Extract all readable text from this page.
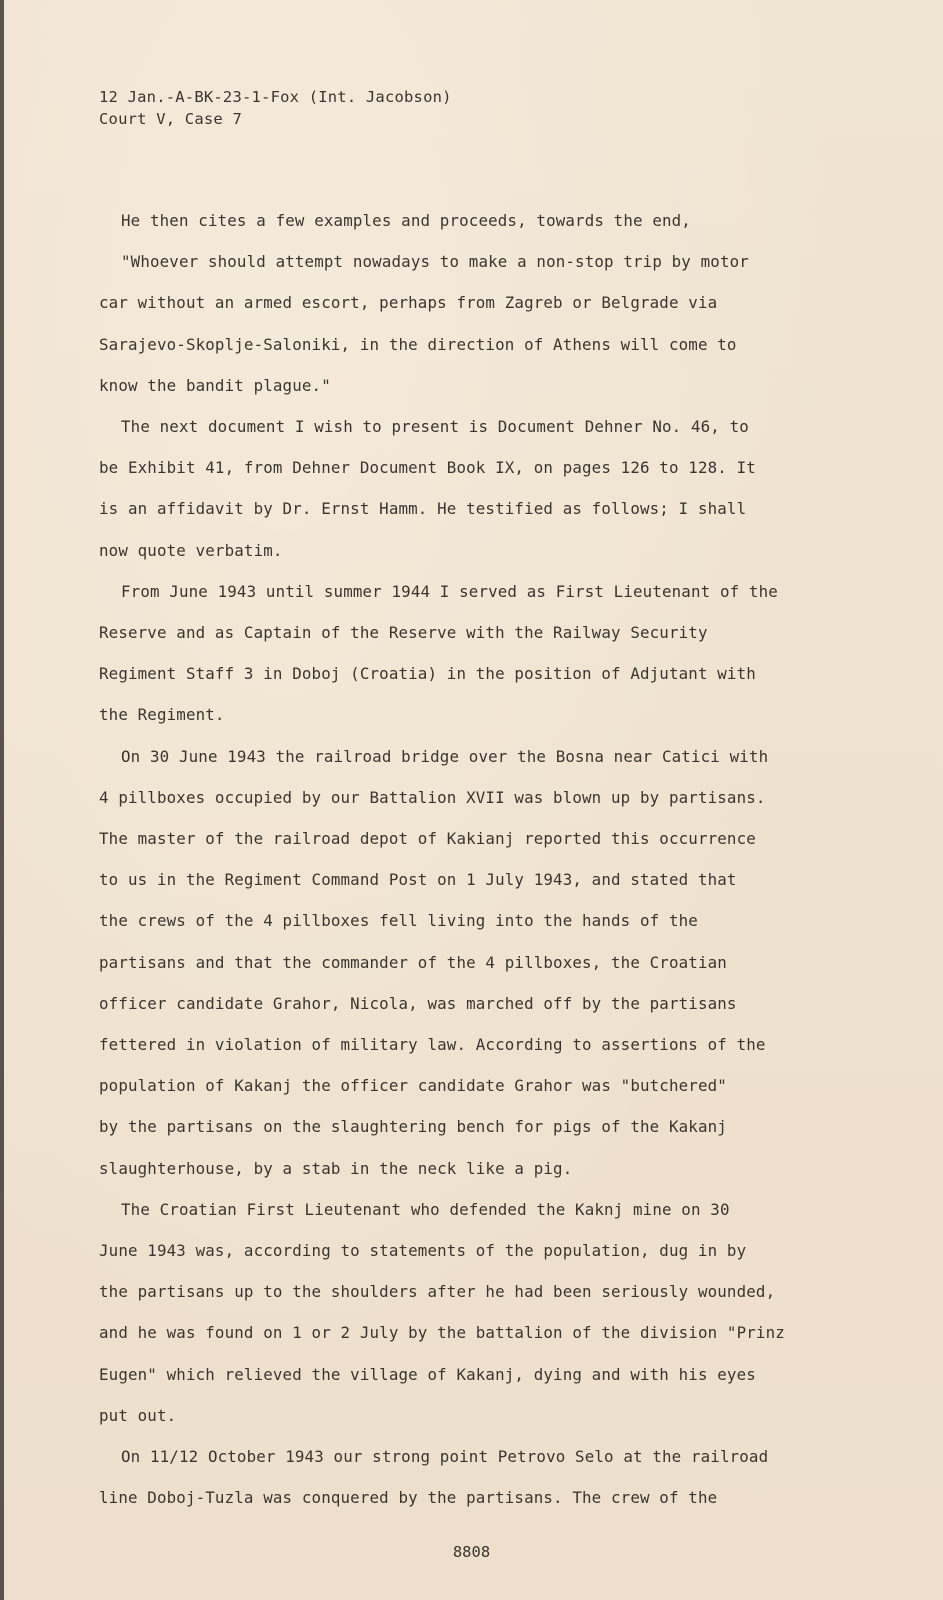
12 Jan.-A-BK-23-1-Fox (Int. Jacobson)
Court V, Case 7
He then cites a few examples and proceeds, towards the end,
"Whoever should attempt nowadays to make a non-stop trip by motor
car without an armed escort, perhaps from Zagreb or Belgrade via
Sarajevo-Skoplje-Saloniki, in the direction of Athens will come to
know the bandit plague."
The next document I wish to present is Document Dehner No. 46, to
be Exhibit 41, from Dehner Document Book IX, on pages 126 to 128. It
is an affidavit by Dr. Ernst Hamm. He testified as follows; I shall
now quote verbatim.
From June 1943 until summer 1944 I served as First Lieutenant of the
Reserve and as Captain of the Reserve with the Railway Security
Regiment Staff 3 in Doboj (Croatia) in the position of Adjutant with
the Regiment.
On 30 June 1943 the railroad bridge over the Bosna near Catici with
4 pillboxes occupied by our Battalion XVII was blown up by partisans.
The master of the railroad depot of Kakianj reported this occurrence
to us in the Regiment Command Post on 1 July 1943, and stated that
the crews of the 4 pillboxes fell living into the hands of the
partisans and that the commander of the 4 pillboxes, the Croatian
officer candidate Grahor, Nicola, was marched off by the partisans
fettered in violation of military law. According to assertions of the
population of Kakanj the officer candidate Grahor was "butchered"
by the partisans on the slaughtering bench for pigs of the Kakanj
slaughterhouse, by a stab in the neck like a pig.
The Croatian First Lieutenant who defended the Kaknj mine on 30
June 1943 was, according to statements of the population, dug in by
the partisans up to the shoulders after he had been seriously wounded,
and he was found on 1 or 2 July by the battalion of the division "Prinz
Eugen" which relieved the village of Kakanj, dying and with his eyes
put out.
On 11/12 October 1943 our strong point Petrovo Selo at the railroad
line Doboj-Tuzla was conquered by the partisans. The crew of the
8808
